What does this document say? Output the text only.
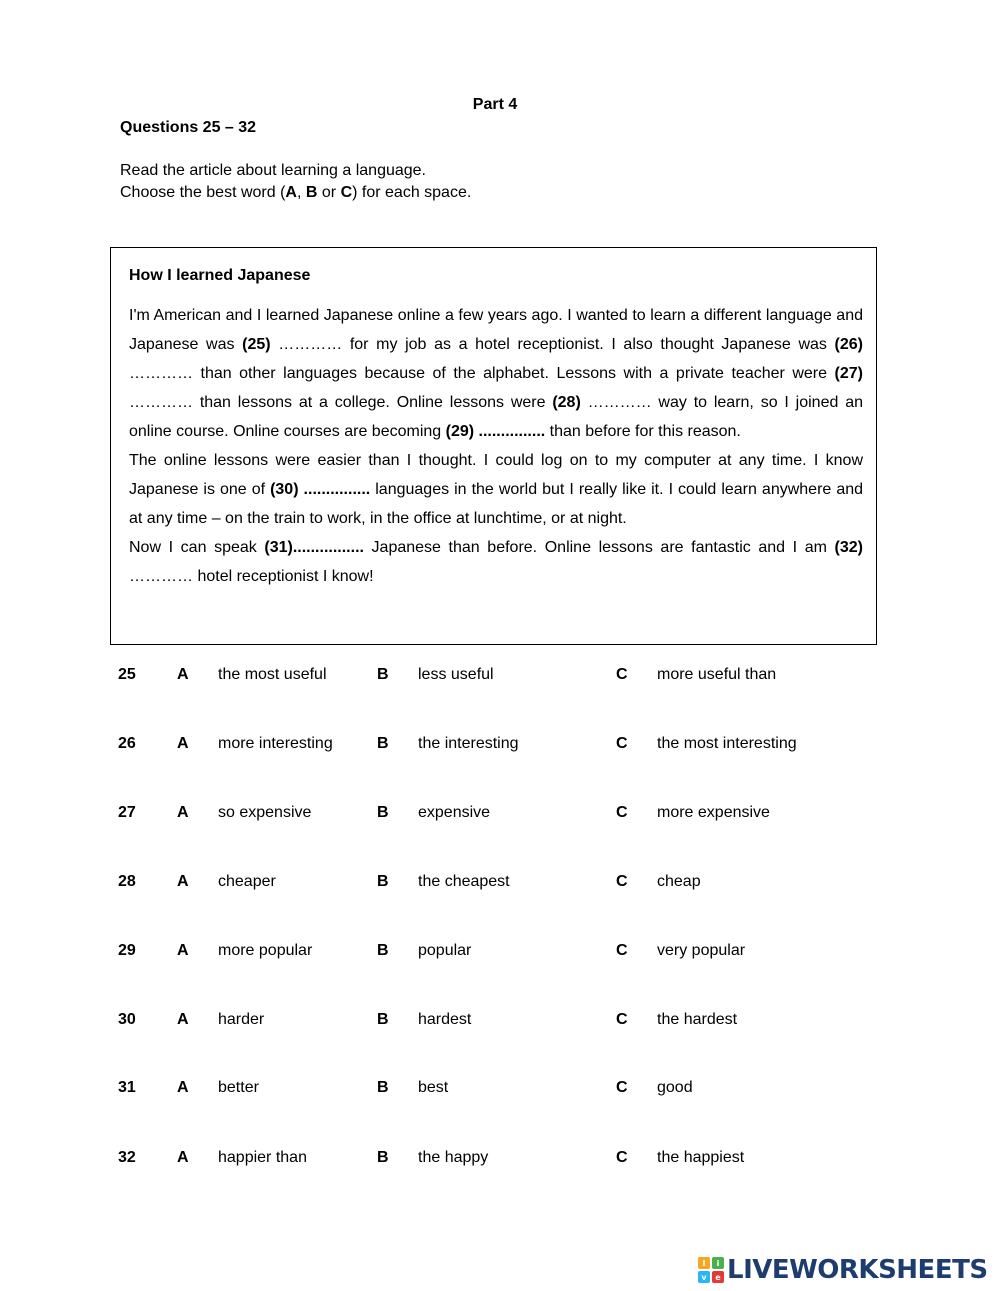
Part 4
Questions 25 – 32
Read the article about learning a language.
Choose the best word (A, B or C) for each space.
How I learned Japanese

I'm American and I learned Japanese online a few years ago. I wanted to learn a different language and Japanese was (25) ………… for my job as a hotel receptionist. I also thought Japanese was (26) ………… than other languages because of the alphabet. Lessons with a private teacher were (27) ………… than lessons at a college. Online lessons were (28) ………… way to learn, so I joined an online course. Online courses are becoming (29) ............... than before for this reason.

The online lessons were easier than I thought. I could log on to my computer at any time. I know Japanese is one of (30) ............... languages in the world but I really like it. I could learn anywhere and at any time – on the train to work, in the office at lunchtime, or at night.

Now I can speak (31)................ Japanese than before. Online lessons are fantastic and I am (32) ………… hotel receptionist I know!

25	A the most useful	B less useful	C more useful than
26	A more interesting	B the interesting	C the most interesting
27	A so expensive	B expensive	C more expensive
28	A cheaper	B the cheapest	C cheap
29	A more popular	B popular	C very popular
30	A harder	B hardest	C the hardest
31	A better	B best	C good
32	A happier than	B the happy	C the happiest
l i
v e LIVEWORKSHEETS
